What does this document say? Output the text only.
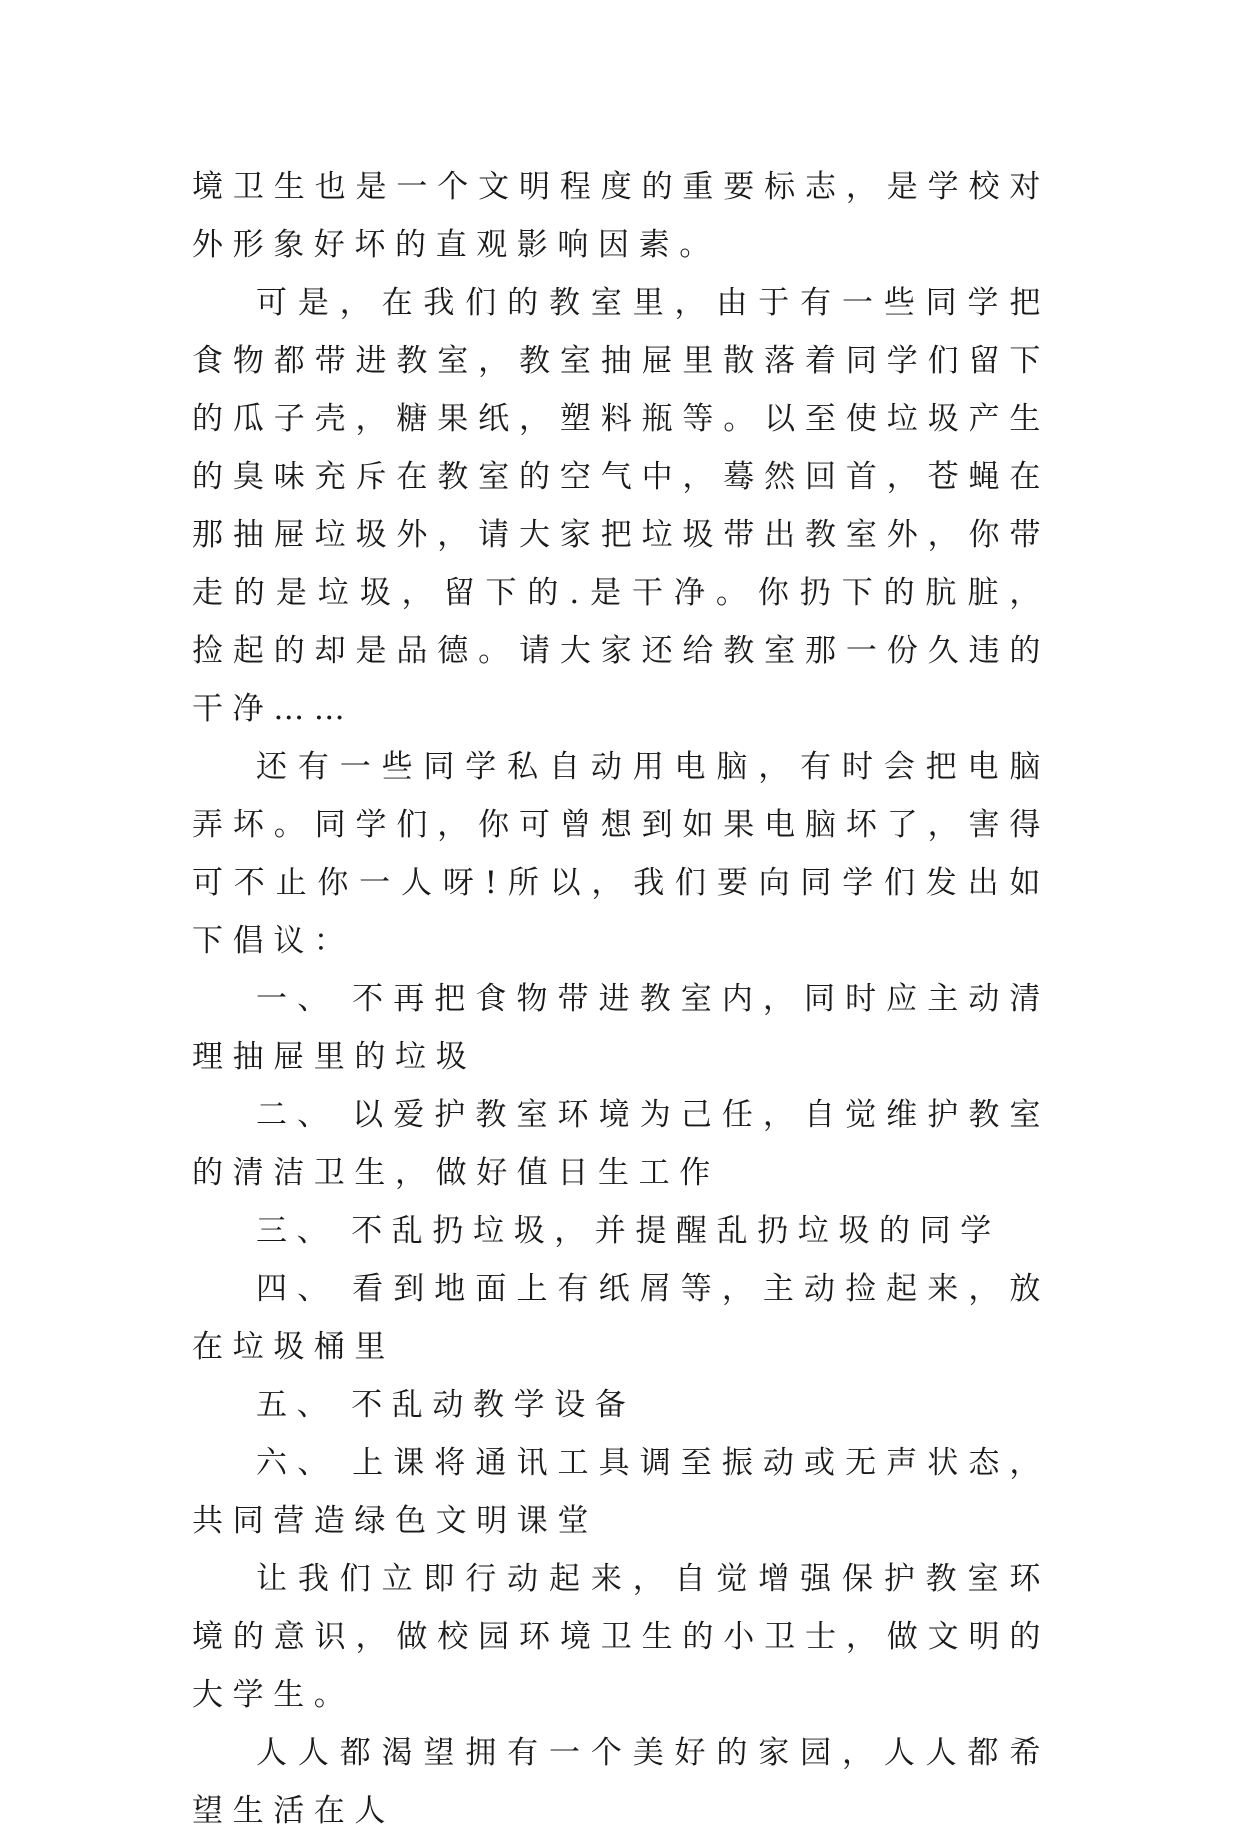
境卫生也是一个文明程度的重要标志，是学校对外形象好坏的直观影响因素。

可是，在我们的教室里，由于有一些同学把食物都带进教室，教室抽屉里散落着同学们留下的瓜子壳，糖果纸，塑料瓶等。以至使垃圾产生的臭味充斥在教室的空气中，蓦然回首，苍蝇在那抽屉垃圾外，请大家把垃圾带出教室外，你带走的是垃圾，留下的.是干净。你扔下的肮脏，捡起的却是品德。请大家还给教室那一份久违的干净……

还有一些同学私自动用电脑，有时会把电脑弄坏。同学们，你可曾想到如果电脑坏了，害得可不止你一人呀!所以，我们要向同学们发出如下倡议：

一、 不再把食物带进教室内，同时应主动清理抽屉里的垃圾

二、 以爱护教室环境为己任，自觉维护教室的清洁卫生，做好值日生工作

三、 不乱扔垃圾，并提醒乱扔垃圾的同学

四、 看到地面上有纸屑等，主动捡起来，放在垃圾桶里

五、 不乱动教学设备

六、 上课将通讯工具调至振动或无声状态，共同营造绿色文明课堂

让我们立即行动起来，自觉增强保护教室环境的意识，做校园环境卫生的小卫士，做文明的大学生。

人人都渴望拥有一个美好的家园，人人都希望生活在人
